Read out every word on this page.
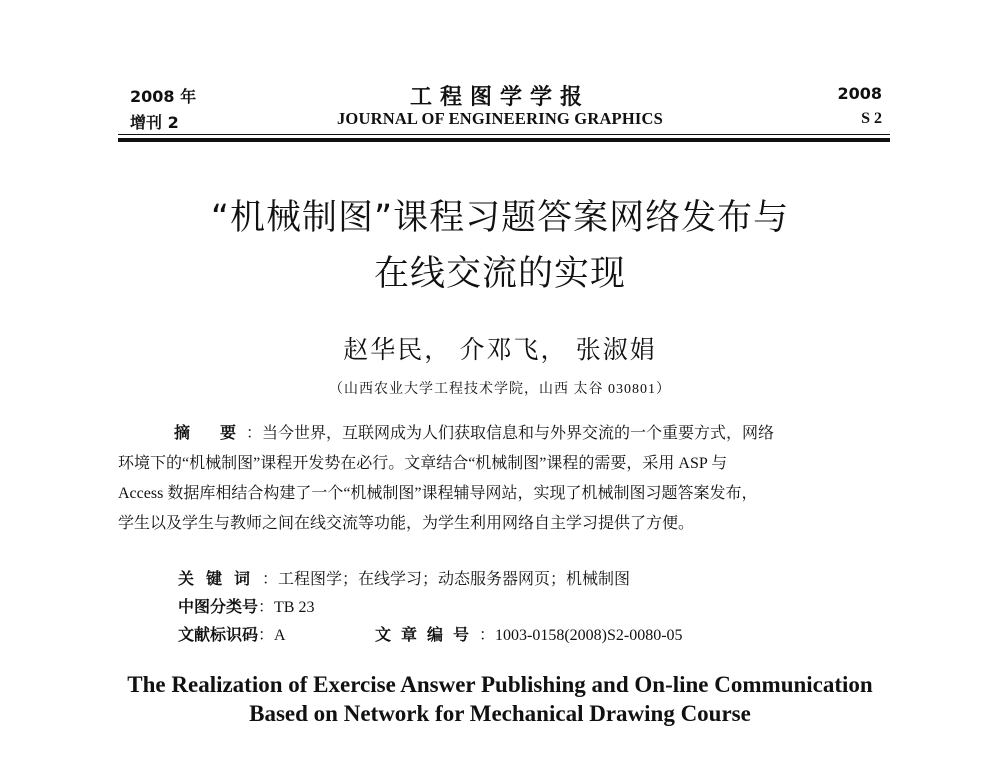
2008 年
增刊 2
工程图学学报
JOURNAL OF ENGINEERING GRAPHICS
2008
S 2
“机械制图”课程习题答案网络发布与
在线交流的实现
赵华民， 介邓飞， 张淑娟
（山西农业大学工程技术学院，山西 太谷 030801）

摘要：当今世界，互联网成为人们获取信息和与外界交流的一个重要方式，网络
环境下的“机械制图”课程开发势在必行。文章结合“机械制图”课程的需要，采用 ASP 与
Access 数据库相结合构建了一个“机械制图”课程辅导网站，实现了机械制图习题答案发布，
学生以及学生与教师之间在线交流等功能，为学生利用网络自主学习提供了方便。

关键词：工程图学；在线学习；动态服务器网页；机械制图
中图分类号：TB 23
文献标识码：A	文章编号：1003-0158(2008)S2-0080-05
The Realization of Exercise Answer Publishing and On-line Communication
Based on Network for Mechanical Drawing Course
